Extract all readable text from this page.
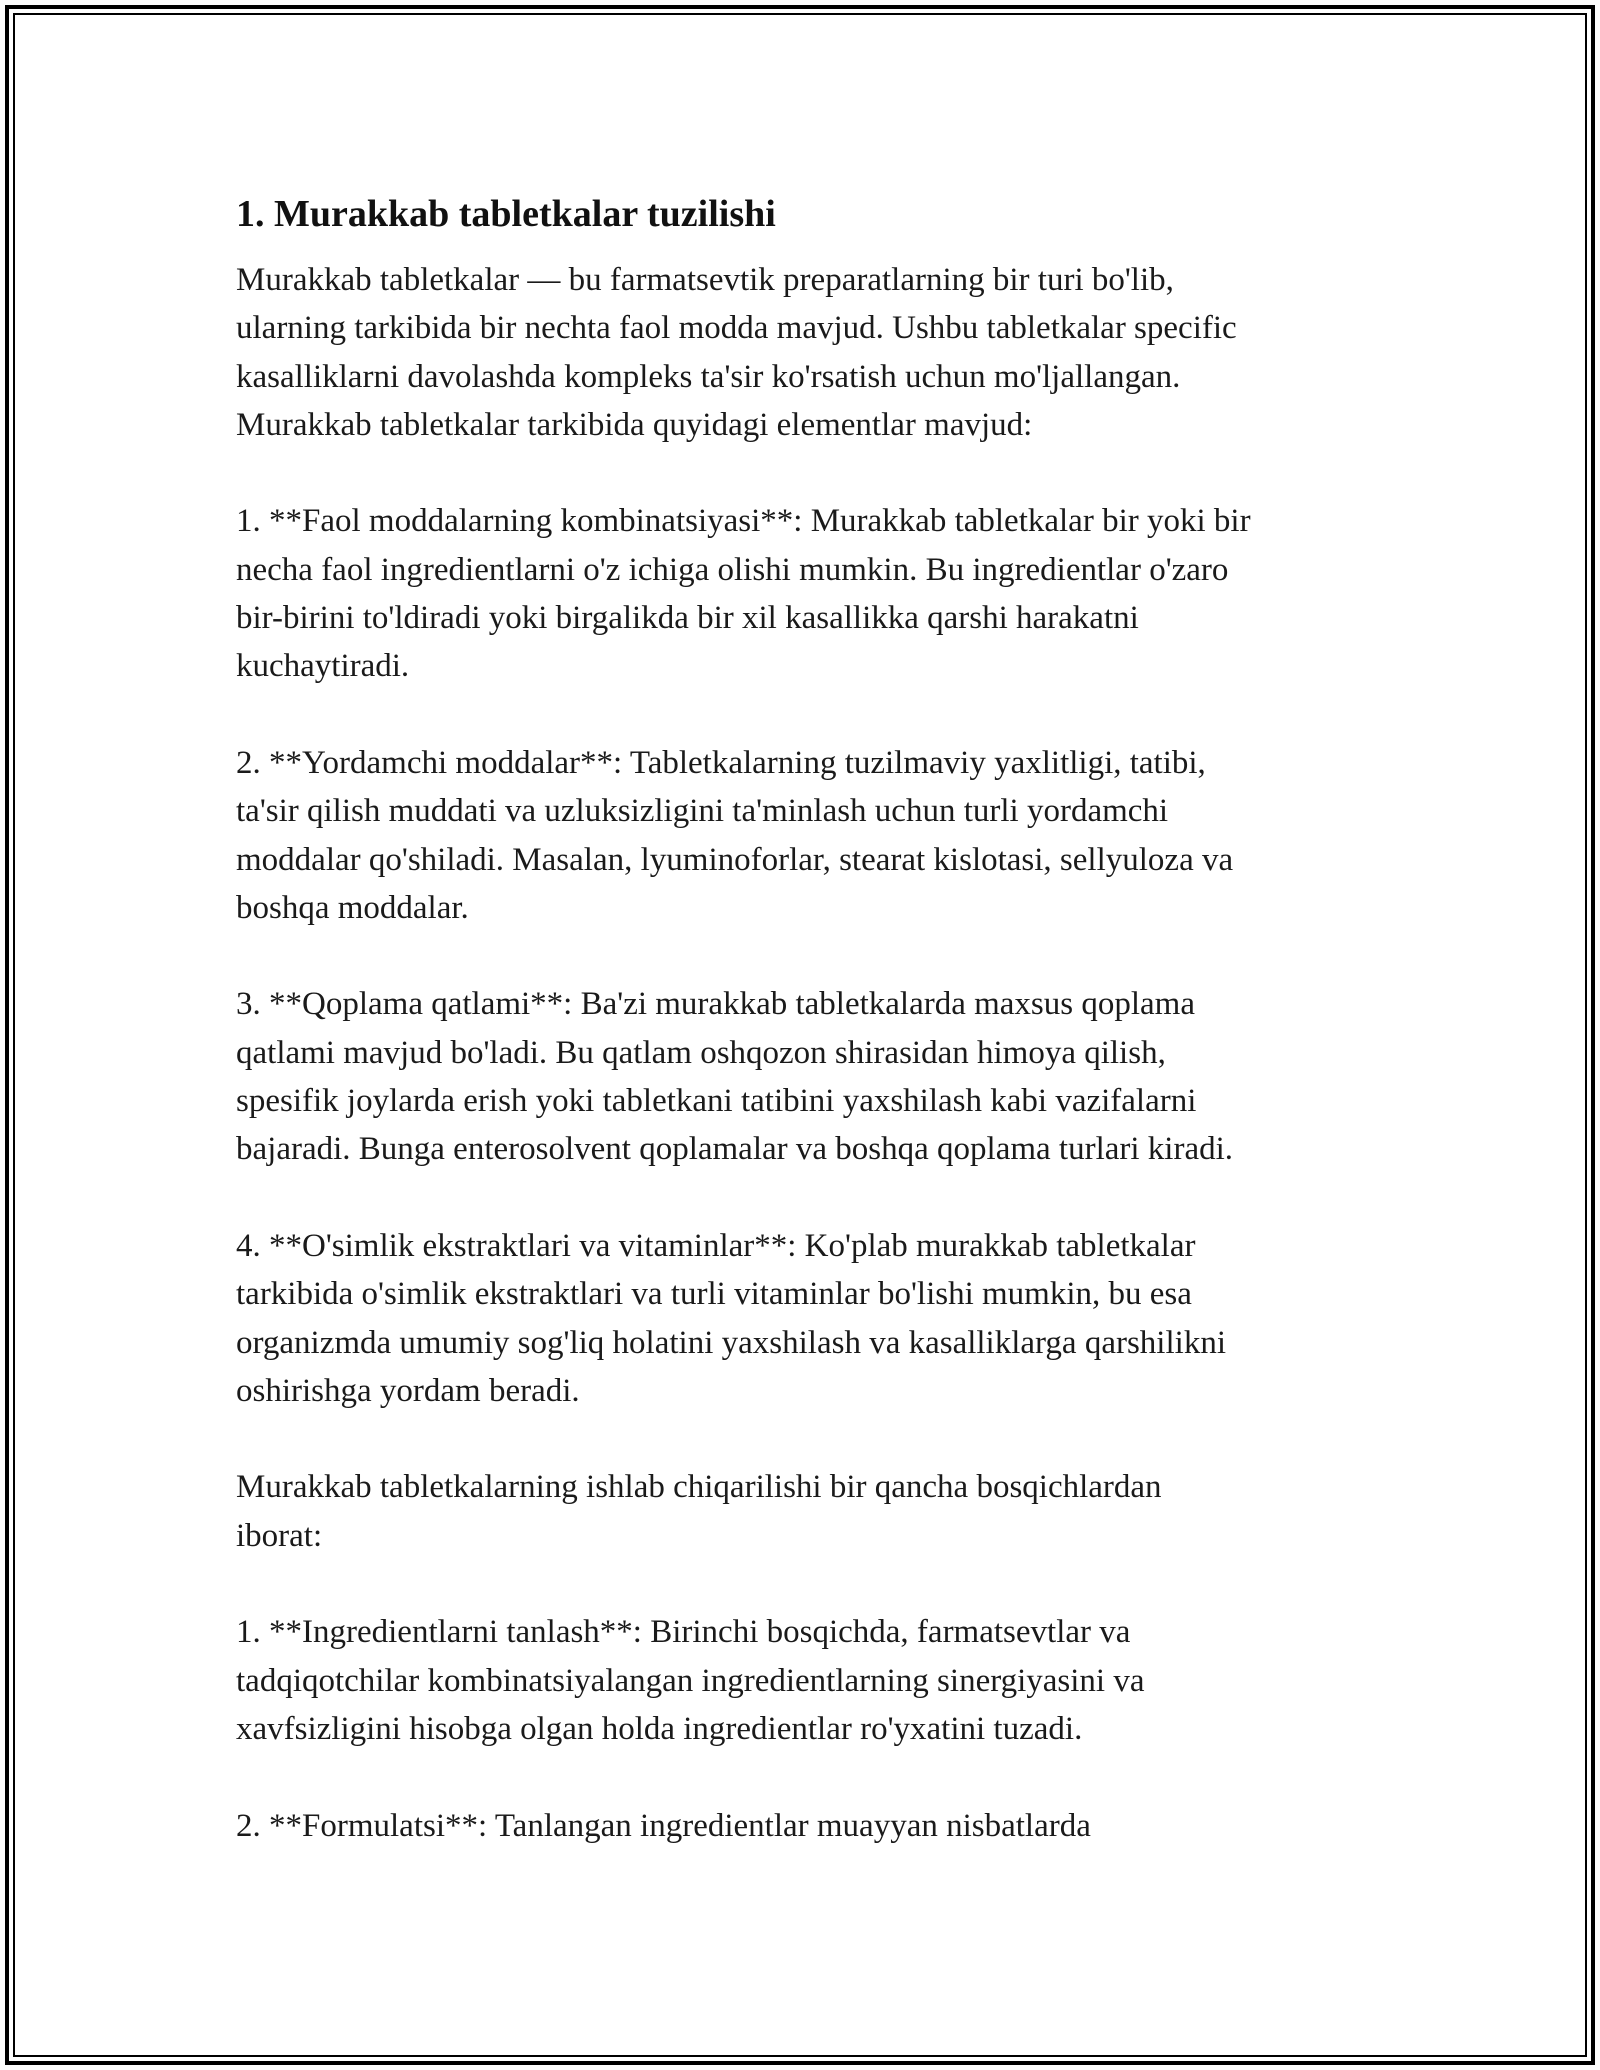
1. Murakkab tabletkalar tuzilishi

Murakkab tabletkalar — bu farmatsevtik preparatlarning bir turi bo'lib,
ularning tarkibida bir nechta faol modda mavjud. Ushbu tabletkalar specific
kasalliklarni davolashda kompleks ta'sir ko'rsatish uchun mo'ljallangan.
Murakkab tabletkalar tarkibida quyidagi elementlar mavjud:

1. **Faol moddalarning kombinatsiyasi**: Murakkab tabletkalar bir yoki bir
necha faol ingredientlarni o'z ichiga olishi mumkin. Bu ingredientlar o'zaro
bir-birini to'ldiradi yoki birgalikda bir xil kasallikka qarshi harakatni
kuchaytiradi.

2. **Yordamchi moddalar**: Tabletkalarning tuzilmaviy yaxlitligi, tatibi,
ta'sir qilish muddati va uzluksizligini ta'minlash uchun turli yordamchi
moddalar qo'shiladi. Masalan, lyuminoforlar, stearat kislotasi, sellyuloza va
boshqa moddalar.

3. **Qoplama qatlami**: Ba'zi murakkab tabletkalarda maxsus qoplama
qatlami mavjud bo'ladi. Bu qatlam oshqozon shirasidan himoya qilish,
spesifik joylarda erish yoki tabletkani tatibini yaxshilash kabi vazifalarni
bajaradi. Bunga enterosolvent qoplamalar va boshqa qoplama turlari kiradi.

4. **O'simlik ekstraktlari va vitaminlar**: Ko'plab murakkab tabletkalar
tarkibida o'simlik ekstraktlari va turli vitaminlar bo'lishi mumkin, bu esa
organizmda umumiy sog'liq holatini yaxshilash va kasalliklarga qarshilikni
oshirishga yordam beradi.

Murakkab tabletkalarning ishlab chiqarilishi bir qancha bosqichlardan
iborat:

1. **Ingredientlarni tanlash**: Birinchi bosqichda, farmatsevtlar va
tadqiqotchilar kombinatsiyalangan ingredientlarning sinergiyasini va
xavfsizligini hisobga olgan holda ingredientlar ro'yxatini tuzadi.

2. **Formulatsi**: Tanlangan ingredientlar muayyan nisbatlarda
